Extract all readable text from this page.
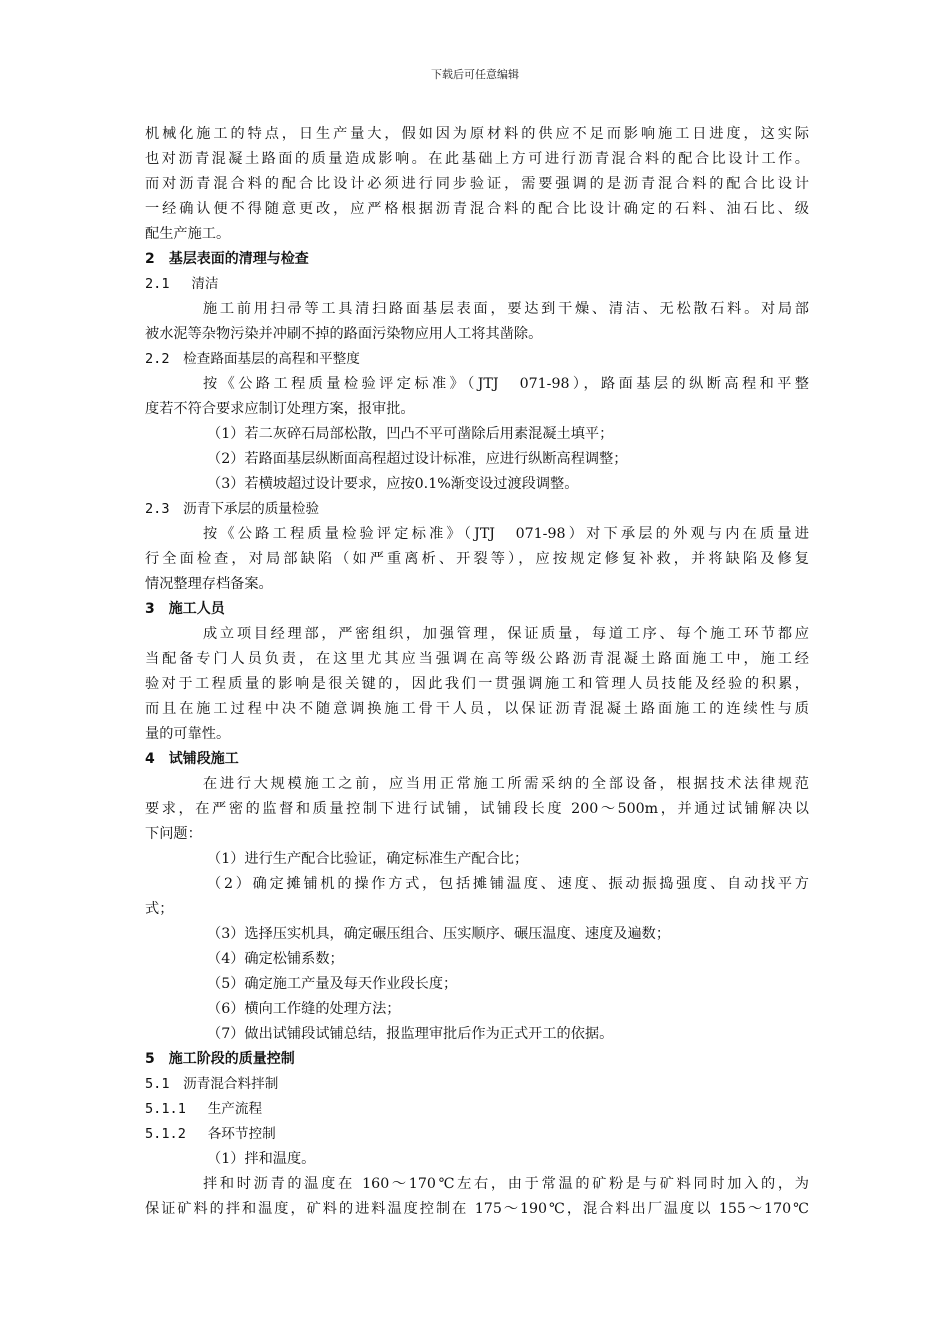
下载后可任意编辑
机械化施工的特点，日生产量大，假如因为原材料的供应不足而影响施工日进度，这实际
也对沥青混凝土路面的质量造成影响。在此基础上方可进行沥青混合料的配合比设计工作。
而对沥青混合料的配合比设计必须进行同步验证，需要强调的是沥青混合料的配合比设计
一经确认便不得随意更改，应严格根据沥青混合料的配合比设计确定的石料、油石比、级
配生产施工。
2　基层表面的清理与检查
2.1　 清洁
施工前用扫帚等工具清扫路面基层表面，要达到干燥、清洁、无松散石料。对局部
被水泥等杂物污染并冲刷不掉的路面污染物应用人工将其凿除。
2.2　检查路面基层的高程和平整度
按《公路工程质量检验评定标准》（JTJ　071-98），路面基层的纵断高程和平整
度若不符合要求应制订处理方案，报审批。
（1）若二灰碎石局部松散，凹凸不平可凿除后用素混凝土填平；
（2）若路面基层纵断面高程超过设计标准，应进行纵断高程调整；
（3）若横坡超过设计要求，应按0.1%渐变设过渡段调整。
2.3　沥青下承层的质量检验
按《公路工程质量检验评定标准》（JTJ　071-98）对下承层的外观与内在质量进
行全面检查，对局部缺陷（如严重离析、开裂等），应按规定修复补救，并将缺陷及修复
情况整理存档备案。
3　施工人员
成立项目经理部，严密组织，加强管理，保证质量，每道工序、每个施工环节都应
当配备专门人员负责，在这里尤其应当强调在高等级公路沥青混凝土路面施工中，施工经
验对于工程质量的影响是很关键的，因此我们一贯强调施工和管理人员技能及经验的积累，
而且在施工过程中决不随意调换施工骨干人员，以保证沥青混凝土路面施工的连续性与质
量的可靠性。
4　试铺段施工
在进行大规模施工之前，应当用正常施工所需采纳的全部设备，根据技术法律规范
要求，在严密的监督和质量控制下进行试铺，试铺段长度 200～500m，并通过试铺解决以
下问题：
（1）进行生产配合比验证，确定标准生产配合比；
（2）确定摊铺机的操作方式，包括摊铺温度、速度、振动振捣强度、自动找平方
式；
（3）选择压实机具，确定碾压组合、压实顺序、碾压温度、速度及遍数；
（4）确定松铺系数；
（5）确定施工产量及每天作业段长度；
（6）横向工作缝的处理方法；
（7）做出试铺段试铺总结，报监理审批后作为正式开工的依据。
5　施工阶段的质量控制
5.1　沥青混合料拌制
5.1.1　 生产流程
5.1.2　 各环节控制
（1）拌和温度。
拌和时沥青的温度在 160～170℃左右，由于常温的矿粉是与矿料同时加入的，为
保证矿料的拌和温度，矿料的进料温度控制在 175～190℃，混合料出厂温度以 155～170℃
